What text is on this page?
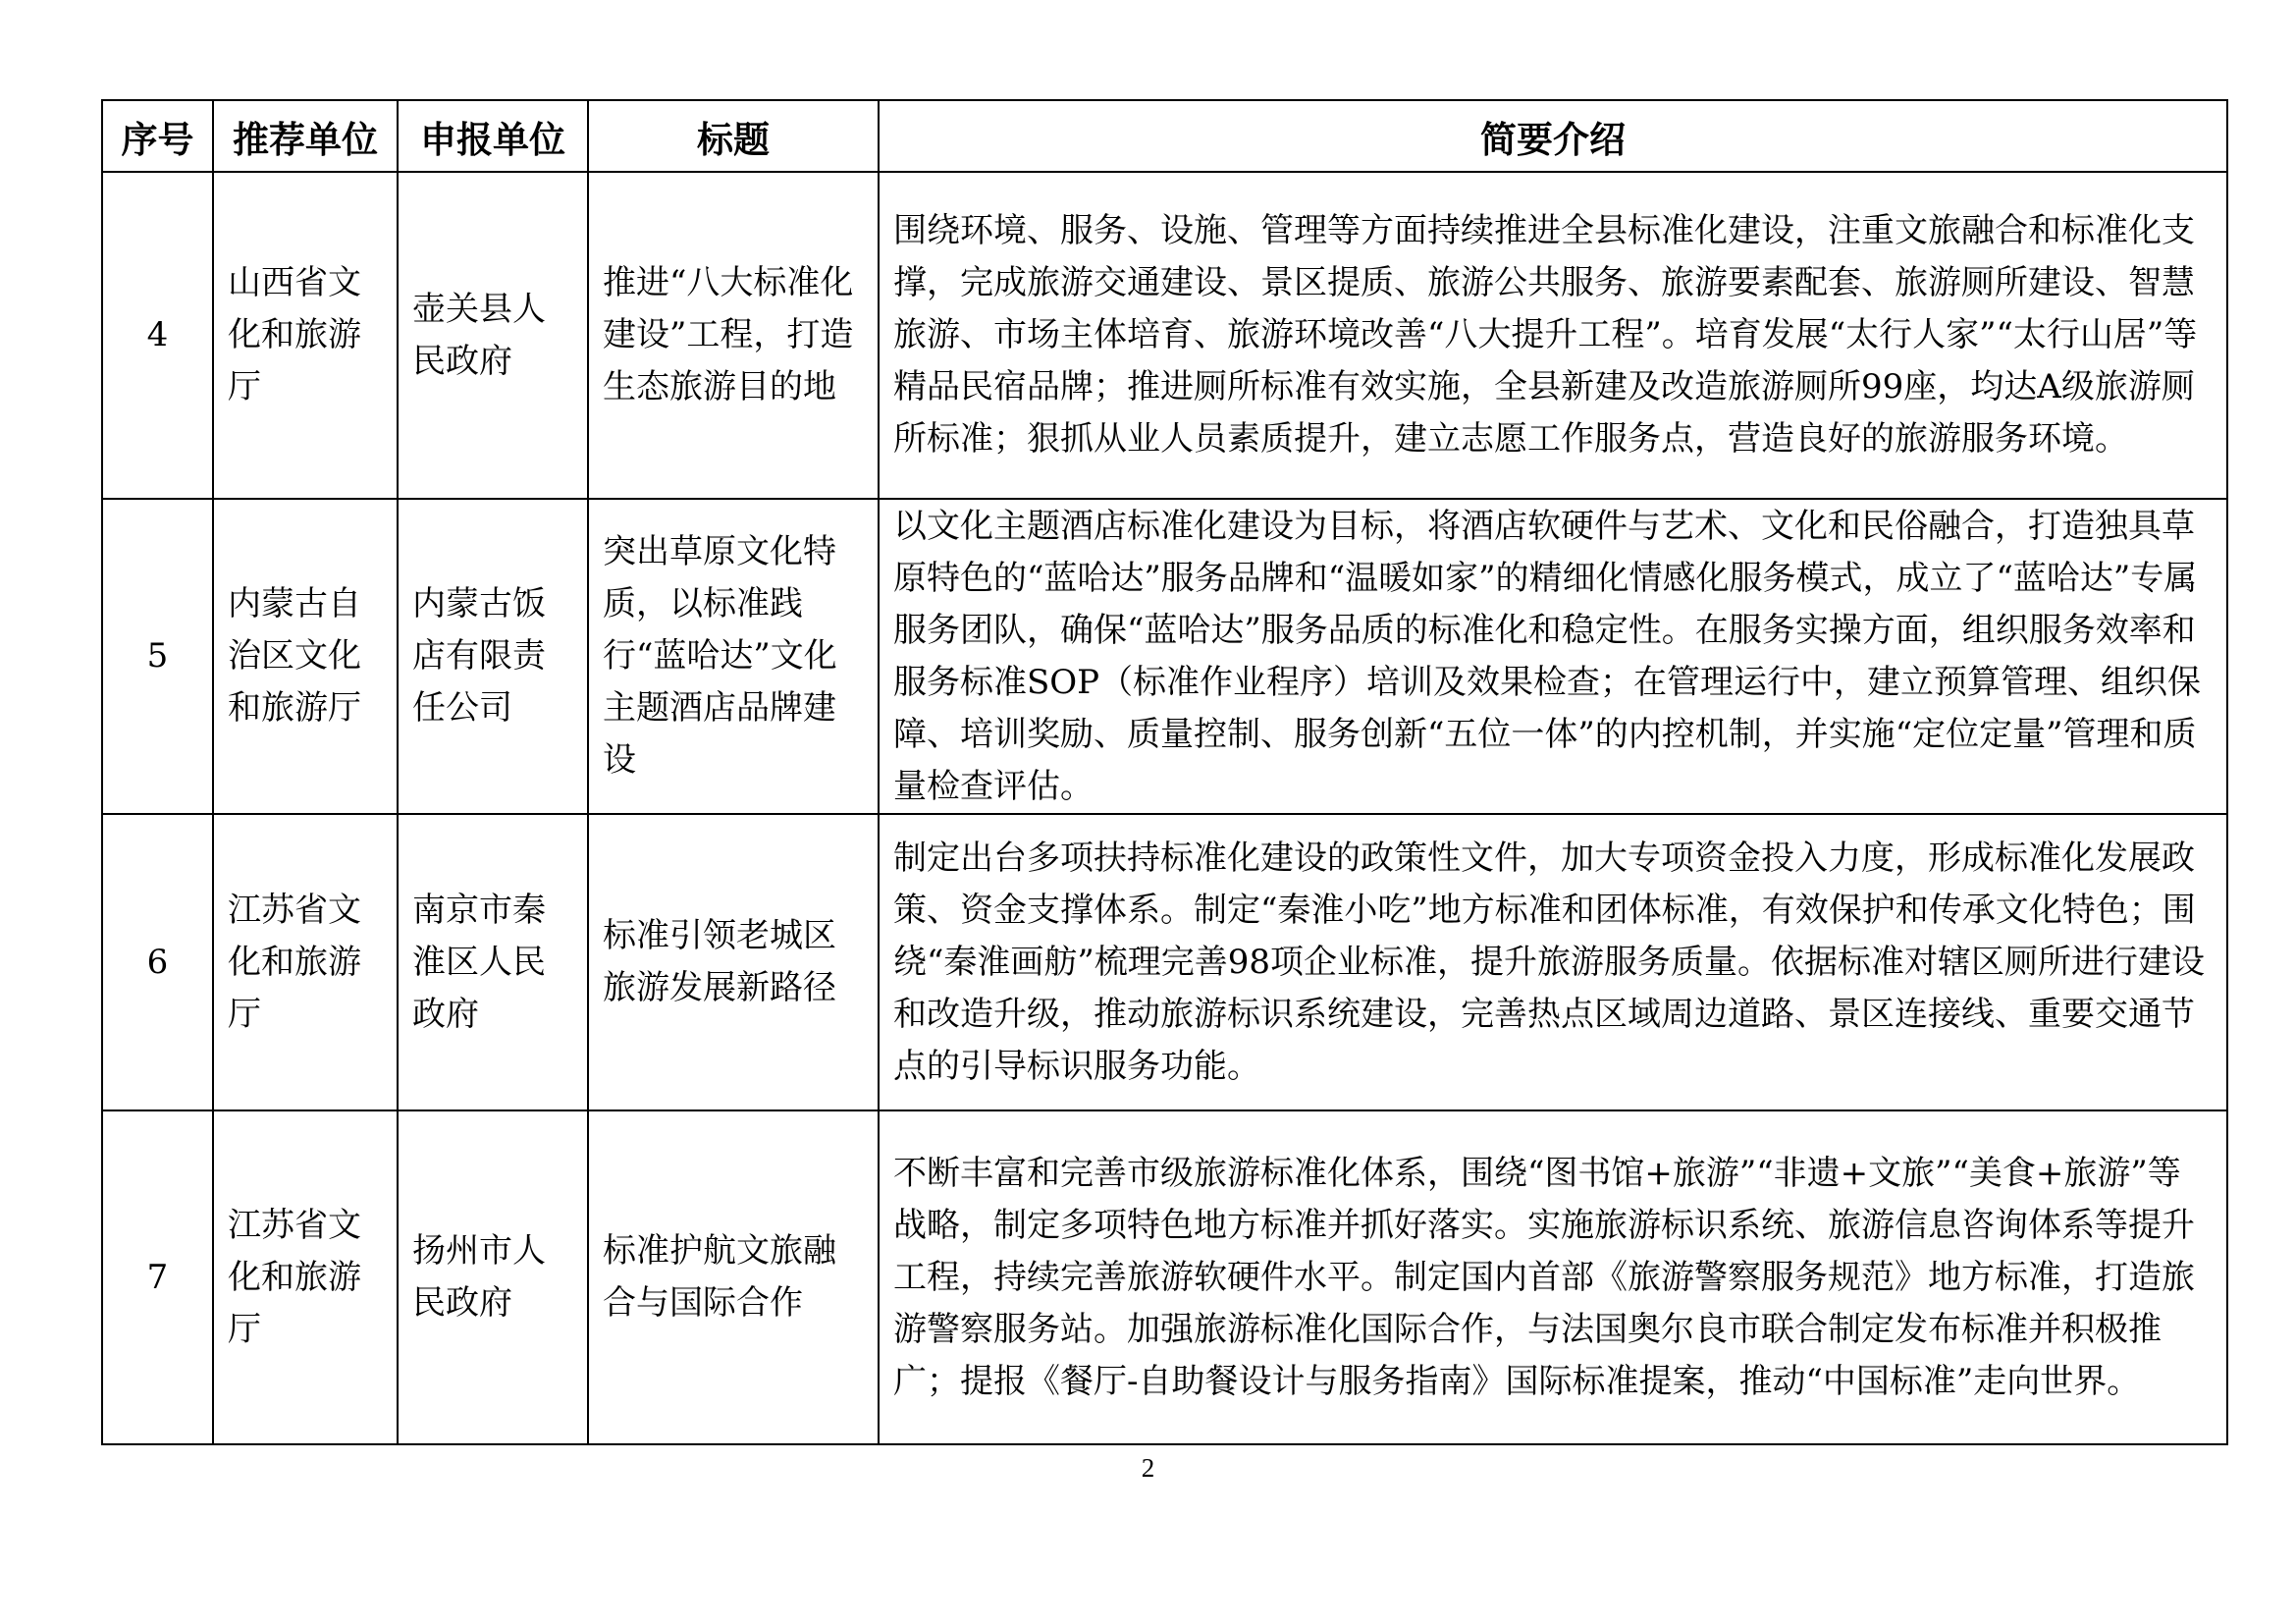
序号	推荐单位	申报单位	标题	简要介绍
4	山西省文化和旅游厅	壶关县人民政府	推进“八大标准化建设”工程，打造生态旅游目的地	围绕环境、服务、设施、管理等方面持续推进全县标准化建设，注重文旅融合和标准化支撑，完成旅游交通建设、景区提质、旅游公共服务、旅游要素配套、旅游厕所建设、智慧旅游、市场主体培育、旅游环境改善“八大提升工程”。培育发展“太行人家”“太行山居”等精品民宿品牌；推进厕所标准有效实施，全县新建及改造旅游厕所99座，均达A级旅游厕所标准；狠抓从业人员素质提升，建立志愿工作服务点，营造良好的旅游服务环境。
5	内蒙古自治区文化和旅游厅	内蒙古饭店有限责任公司	突出草原文化特质，以标准践行“蓝哈达”文化主题酒店品牌建设	以文化主题酒店标准化建设为目标，将酒店软硬件与艺术、文化和民俗融合，打造独具草原特色的“蓝哈达”服务品牌和“温暖如家”的精细化情感化服务模式，成立了“蓝哈达”专属服务团队，确保“蓝哈达”服务品质的标准化和稳定性。在服务实操方面，组织服务效率和服务标准SOP（标准作业程序）培训及效果检查；在管理运行中，建立预算管理、组织保障、培训奖励、质量控制、服务创新“五位一体”的内控机制，并实施“定位定量”管理和质量检查评估。
6	江苏省文化和旅游厅	南京市秦淮区人民政府	标准引领老城区旅游发展新路径	制定出台多项扶持标准化建设的政策性文件，加大专项资金投入力度，形成标准化发展政策、资金支撑体系。制定“秦淮小吃”地方标准和团体标准，有效保护和传承文化特色；围绕“秦淮画舫”梳理完善98项企业标准，提升旅游服务质量。依据标准对辖区厕所进行建设和改造升级，推动旅游标识系统建设，完善热点区域周边道路、景区连接线、重要交通节点的引导标识服务功能。
7	江苏省文化和旅游厅	扬州市人民政府	标准护航文旅融合与国际合作	不断丰富和完善市级旅游标准化体系，围绕“图书馆+旅游”“非遗+文旅”“美食+旅游”等战略，制定多项特色地方标准并抓好落实。实施旅游标识系统、旅游信息咨询体系等提升工程，持续完善旅游软硬件水平。制定国内首部《旅游警察服务规范》地方标准，打造旅游警察服务站。加强旅游标准化国际合作，与法国奥尔良市联合制定发布标准并积极推广；提报《餐厅-自助餐设计与服务指南》国际标准提案，推动“中国标准”走向世界。
2
